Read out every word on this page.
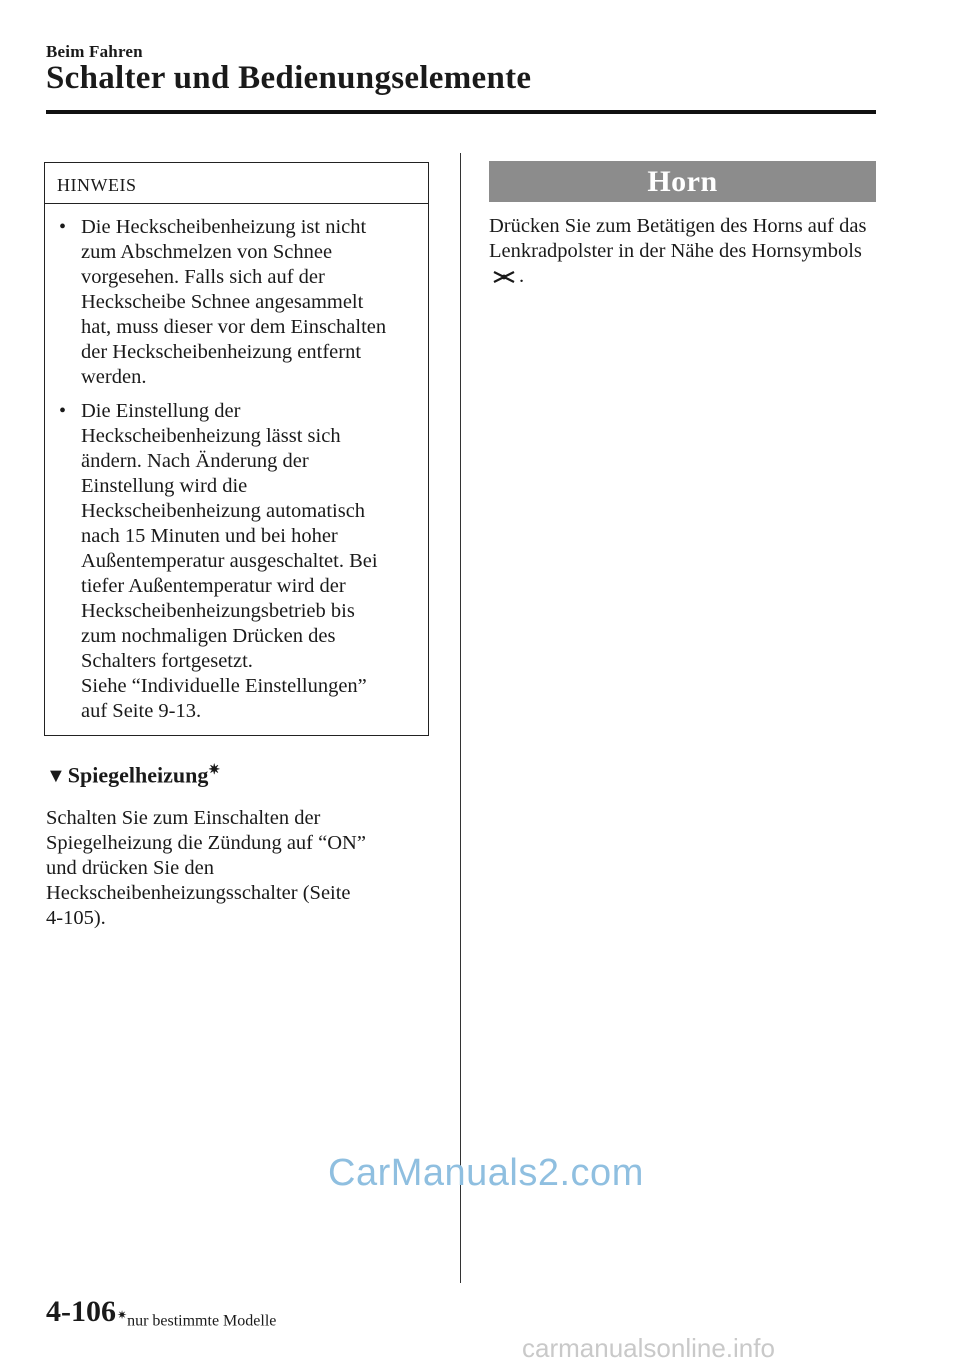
Beim Fahren
Schalter und Bedienungselemente
HINWEIS
• Die Heckscheibenheizung ist nicht
zum Abschmelzen von Schnee
vorgesehen. Falls sich auf der
Heckscheibe Schnee angesammelt
hat, muss dieser vor dem Einschalten
der Heckscheibenheizung entfernt
werden.
• Die Einstellung der
Heckscheibenheizung lässt sich
ändern. Nach Änderung der
Einstellung wird die
Heckscheibenheizung automatisch
nach 15 Minuten und bei hoher
Außentemperatur ausgeschaltet. Bei
tiefer Außentemperatur wird der
Heckscheibenheizungsbetrieb bis
zum nochmaligen Drücken des
Schalters fortgesetzt.
Siehe “Individuelle Einstellungen”
auf Seite 9-13.
▼Spiegelheizung✷
Schalten Sie zum Einschalten der
Spiegelheizung die Zündung auf “ON”
und drücken Sie den
Heckscheibenheizungsschalter (Seite
4-105).
Horn
Drücken Sie zum Betätigen des Horns auf das Lenkradpolster in der Nähe des Hornsymbols.
CarManuals2.com
4-106 ✷nur bestimmte Modelle
carmanualsonline.info
